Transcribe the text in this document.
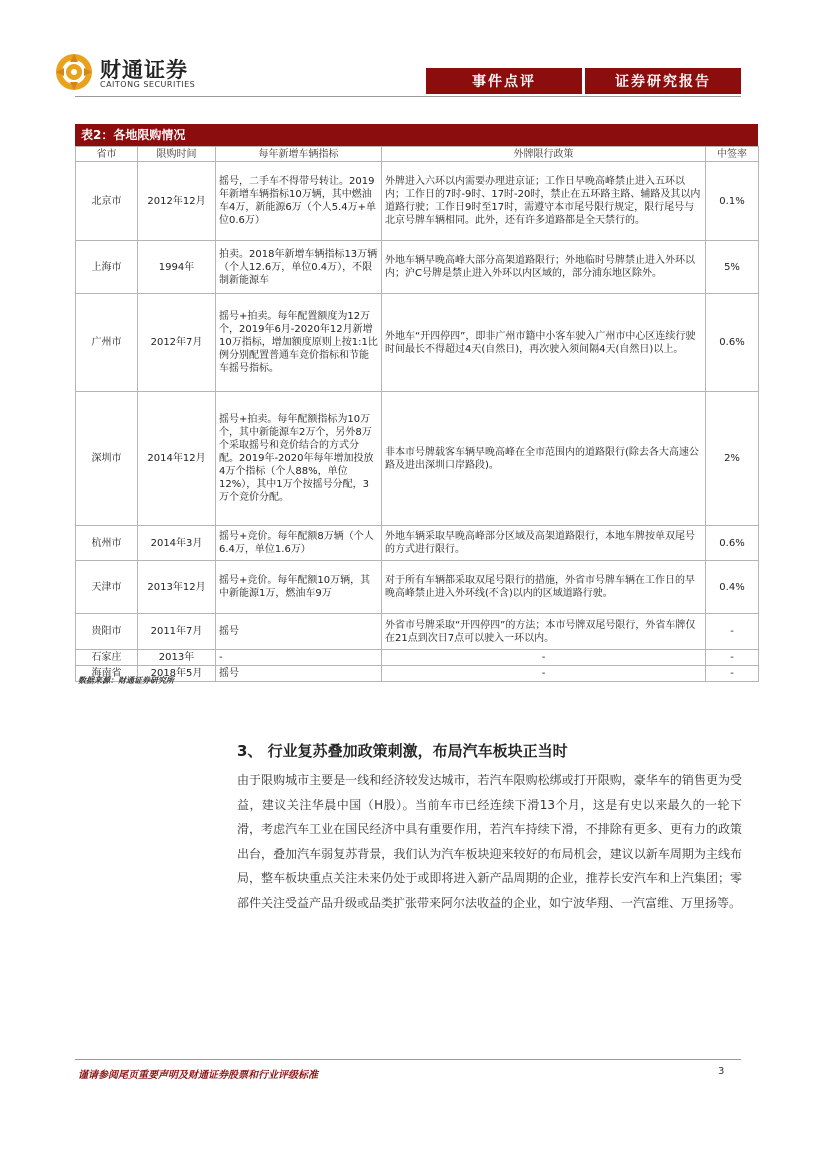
财通证券
CAITONG SECURITIES	事件点评	证券研究报告
表2：各地限购情况
省市	限购时间	每年新增车辆指标	外牌限行政策	中签率
北京市	2012年12月	摇号，二手车不得带号转让。2019年新增车辆指标10万辆，其中燃油车4万，新能源6万（个人5.4万+单位0.6万）	外牌进入六环以内需要办理进京证；工作日早晚高峰禁止进入五环以内；工作日的7时-9时、17时-20时，禁止在五环路主路、辅路及其以内道路行驶；工作日9时至17时，需遵守本市尾号限行规定，限行尾号与北京号牌车辆相同。此外，还有许多道路都是全天禁行的。	0.1%
上海市	1994年	拍卖。2018年新增车辆指标13万辆（个人12.6万，单位0.4万），不限制新能源车	外地车辆早晚高峰大部分高架道路限行；外地临时号牌禁止进入外环以内；沪C号牌是禁止进入外环以内区域的，部分浦东地区除外。	5%
广州市	2012年7月	摇号+拍卖。每年配置额度为12万个，2019年6月-2020年12月新增10万指标，增加额度原则上按1:1比例分别配置普通车竞价指标和节能车摇号指标。	外地车“开四停四”，即非广州市籍中小客车驶入广州市中心区连续行驶时间最长不得超过4天(自然日)，再次驶入须间隔4天(自然日)以上。	0.6%
深圳市	2014年12月	摇号+拍卖。每年配额指标为10万个，其中新能源车2万个，另外8万个采取摇号和竞价结合的方式分配。2019年-2020年每年增加投放4万个指标（个人88%，单位12%），其中1万个按摇号分配，3万个竞价分配。	非本市号牌载客车辆早晚高峰在全市范围内的道路限行(除去各大高速公路及进出深圳口岸路段)。	2%
杭州市	2014年3月	摇号+竞价。每年配额8万辆（个人6.4万，单位1.6万）	外地车辆采取早晚高峰部分区域及高架道路限行，本地车牌按单双尾号的方式进行限行。	0.6%
天津市	2013年12月	摇号+竞价。每年配额10万辆，其中新能源1万，燃油车9万	对于所有车辆都采取双尾号限行的措施，外省市号牌车辆在工作日的早晚高峰禁止进入外环线(不含)以内的区域道路行驶。	0.4%
贵阳市	2011年7月	摇号	外省市号牌采取“开四停四”的方法；本市号牌双尾号限行，外省车牌仅在21点到次日7点可以驶入一环以内。	-
石家庄	2013年	-	-	-
海南省	2018年5月	摇号	-	-
数据来源：财通证券研究所
3、 行业复苏叠加政策刺激，布局汽车板块正当时
由于限购城市主要是一线和经济较发达城市，若汽车限购松绑或打开限购，豪华车的销售更为受益，建议关注华晨中国（H股）。当前车市已经连续下滑13个月，这是有史以来最久的一轮下滑，考虑汽车工业在国民经济中具有重要作用，若汽车持续下滑，不排除有更多、更有力的政策出台，叠加汽车弱复苏背景，我们认为汽车板块迎来较好的布局机会，建议以新车周期为主线布局，整车板块重点关注未来仍处于或即将进入新产品周期的企业，推荐长安汽车和上汽集团；零部件关注受益产品升级或品类扩张带来阿尔法收益的企业，如宁波华翔、一汽富维、万里扬等。
谨请参阅尾页重要声明及财通证券股票和行业评级标准	3
